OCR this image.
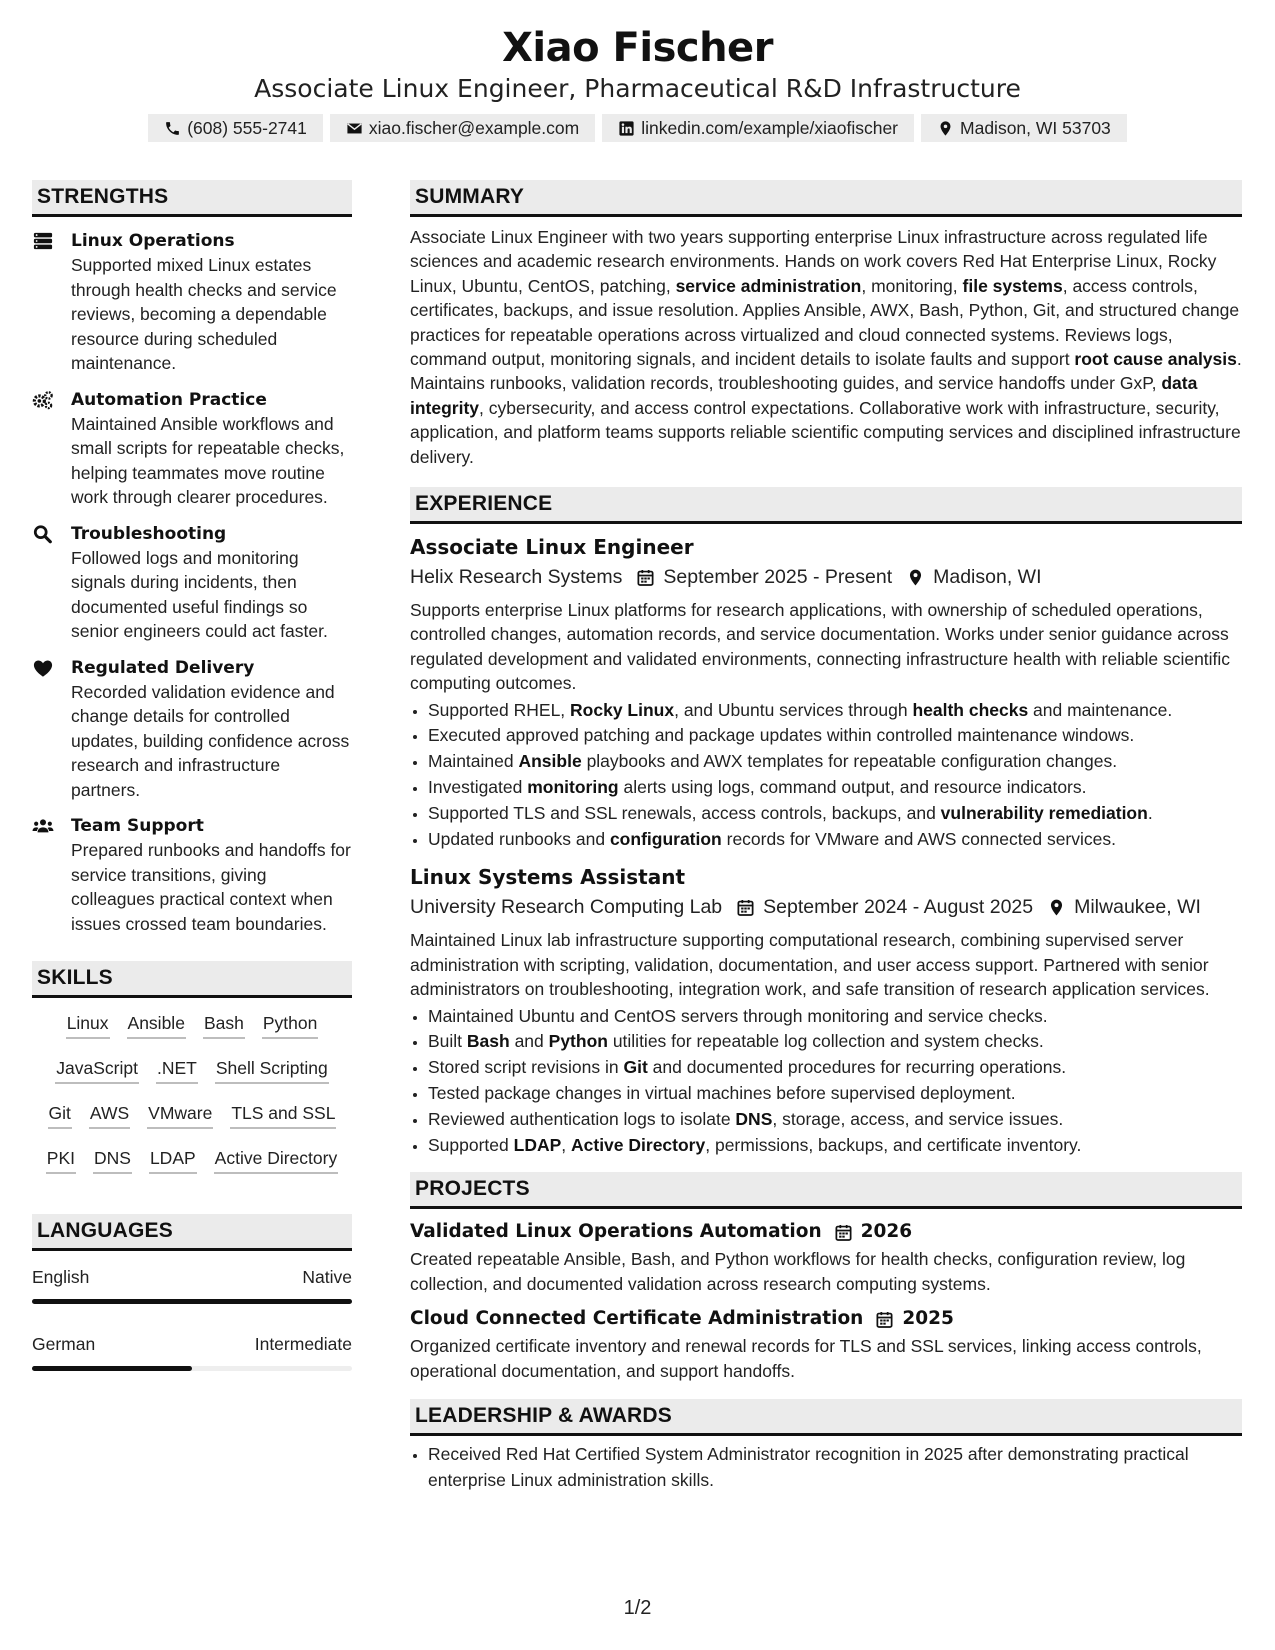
Xiao Fischer
Associate Linux Engineer, Pharmaceutical R&D Infrastructure
(608) 555-2741	xiao.fischer@example.com	linkedin.com/example/xiaofischer	Madison, WI 53703
STRENGTHS
Linux Operations
Supported mixed Linux estates through health checks and service reviews, becoming a dependable resource during scheduled maintenance.
Automation Practice
Maintained Ansible workflows and small scripts for repeatable checks, helping teammates move routine work through clearer procedures.
Troubleshooting
Followed logs and monitoring signals during incidents, then documented useful findings so senior engineers could act faster.
Regulated Delivery
Recorded validation evidence and change details for controlled updates, building confidence across research and infrastructure partners.
Team Support
Prepared runbooks and handoffs for service transitions, giving colleagues practical context when issues crossed team boundaries.
SKILLS
Linux Ansible Bash Python
JavaScript .NET Shell Scripting
Git AWS VMware TLS and SSL
PKI DNS LDAP Active Directory
LANGUAGES
English	Native
German	Intermediate
SUMMARY
Associate Linux Engineer with two years supporting enterprise Linux infrastructure across regulated life sciences and academic research environments. Hands on work covers Red Hat Enterprise Linux, Rocky Linux, Ubuntu, CentOS, patching, service administration, monitoring, file systems, access controls, certificates, backups, and issue resolution. Applies Ansible, AWX, Bash, Python, Git, and structured change practices for repeatable operations across virtualized and cloud connected systems. Reviews logs, command output, monitoring signals, and incident details to isolate faults and support root cause analysis. Maintains runbooks, validation records, troubleshooting guides, and service handoffs under GxP, data integrity, cybersecurity, and access control expectations. Collaborative work with infrastructure, security, application, and platform teams supports reliable scientific computing services and disciplined infrastructure delivery.
EXPERIENCE
Associate Linux Engineer
Helix Research Systems September 2025 - Present Madison, WI
Supports enterprise Linux platforms for research applications, with ownership of scheduled operations, controlled changes, automation records, and service documentation. Works under senior guidance across regulated development and validated environments, connecting infrastructure health with reliable scientific computing outcomes.
• Supported RHEL, Rocky Linux, and Ubuntu services through health checks and maintenance.
• Executed approved patching and package updates within controlled maintenance windows.
• Maintained Ansible playbooks and AWX templates for repeatable configuration changes.
• Investigated monitoring alerts using logs, command output, and resource indicators.
• Supported TLS and SSL renewals, access controls, backups, and vulnerability remediation.
• Updated runbooks and configuration records for VMware and AWS connected services.
Linux Systems Assistant
University Research Computing Lab September 2024 - August 2025 Milwaukee, WI
Maintained Linux lab infrastructure supporting computational research, combining supervised server administration with scripting, validation, documentation, and user access support. Partnered with senior administrators on troubleshooting, integration work, and safe transition of research application services.
• Maintained Ubuntu and CentOS servers through monitoring and service checks.
• Built Bash and Python utilities for repeatable log collection and system checks.
• Stored script revisions in Git and documented procedures for recurring operations.
• Tested package changes in virtual machines before supervised deployment.
• Reviewed authentication logs to isolate DNS, storage, access, and service issues.
• Supported LDAP, Active Directory, permissions, backups, and certificate inventory.
PROJECTS
Validated Linux Operations Automation 2026
Created repeatable Ansible, Bash, and Python workflows for health checks, configuration review, log collection, and documented validation across research computing systems.
Cloud Connected Certificate Administration 2025
Organized certificate inventory and renewal records for TLS and SSL services, linking access controls, operational documentation, and support handoffs.
LEADERSHIP & AWARDS
• Received Red Hat Certified System Administrator recognition in 2025 after demonstrating practical enterprise Linux administration skills.
1/2
